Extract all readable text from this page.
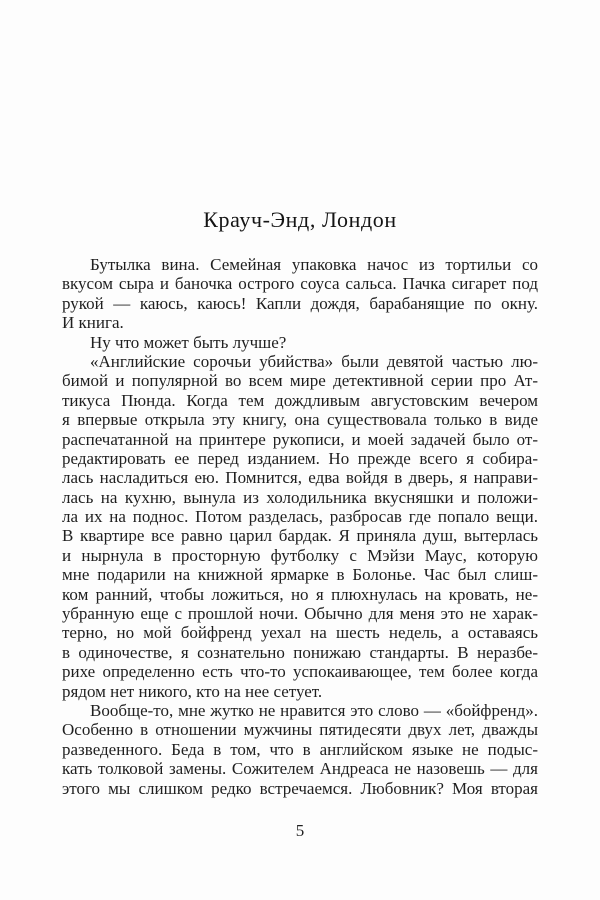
Крауч-Энд, Лондон
Бутылка вина. Семейная упаковка начос из тортильи со
вкусом сыра и баночка острого соуса сальса. Пачка сигарет под
рукой — каюсь, каюсь! Капли дождя, барабанящие по окну.
И книга.
Ну что может быть лучше?
«Английские сорочьи убийства» были девятой частью лю-
бимой и популярной во всем мире детективной серии про Ат-
тикуса Пюнда. Когда тем дождливым августовским вечером
я впервые открыла эту книгу, она существовала только в виде
распечатанной на принтере рукописи, и моей задачей было от-
редактировать ее перед изданием. Но прежде всего я собира-
лась насладиться ею. Помнится, едва войдя в дверь, я направи-
лась на кухню, вынула из холодильника вкусняшки и положи-
ла их на поднос. Потом разделась, разбросав где попало вещи.
В квартире все равно царил бардак. Я приняла душ, вытерлась
и нырнула в просторную футболку с Мэйзи Маус, которую
мне подарили на книжной ярмарке в Болонье. Час был слиш-
ком ранний, чтобы ложиться, но я плюхнулась на кровать, не-
убранную еще с прошлой ночи. Обычно для меня это не харак-
терно, но мой бойфренд уехал на шесть недель, а оставаясь
в одиночестве, я сознательно понижаю стандарты. В неразбе-
рихе определенно есть что-то успокаивающее, тем более когда
рядом нет никого, кто на нее сетует.
Вообще-то, мне жутко не нравится это слово — «бойфренд».
Особенно в отношении мужчины пятидесяти двух лет, дважды
разведенного. Беда в том, что в английском языке не подыс-
кать толковой замены. Сожителем Андреаса не назовешь — для
этого мы слишком редко встречаемся. Любовник? Моя вторая
5
